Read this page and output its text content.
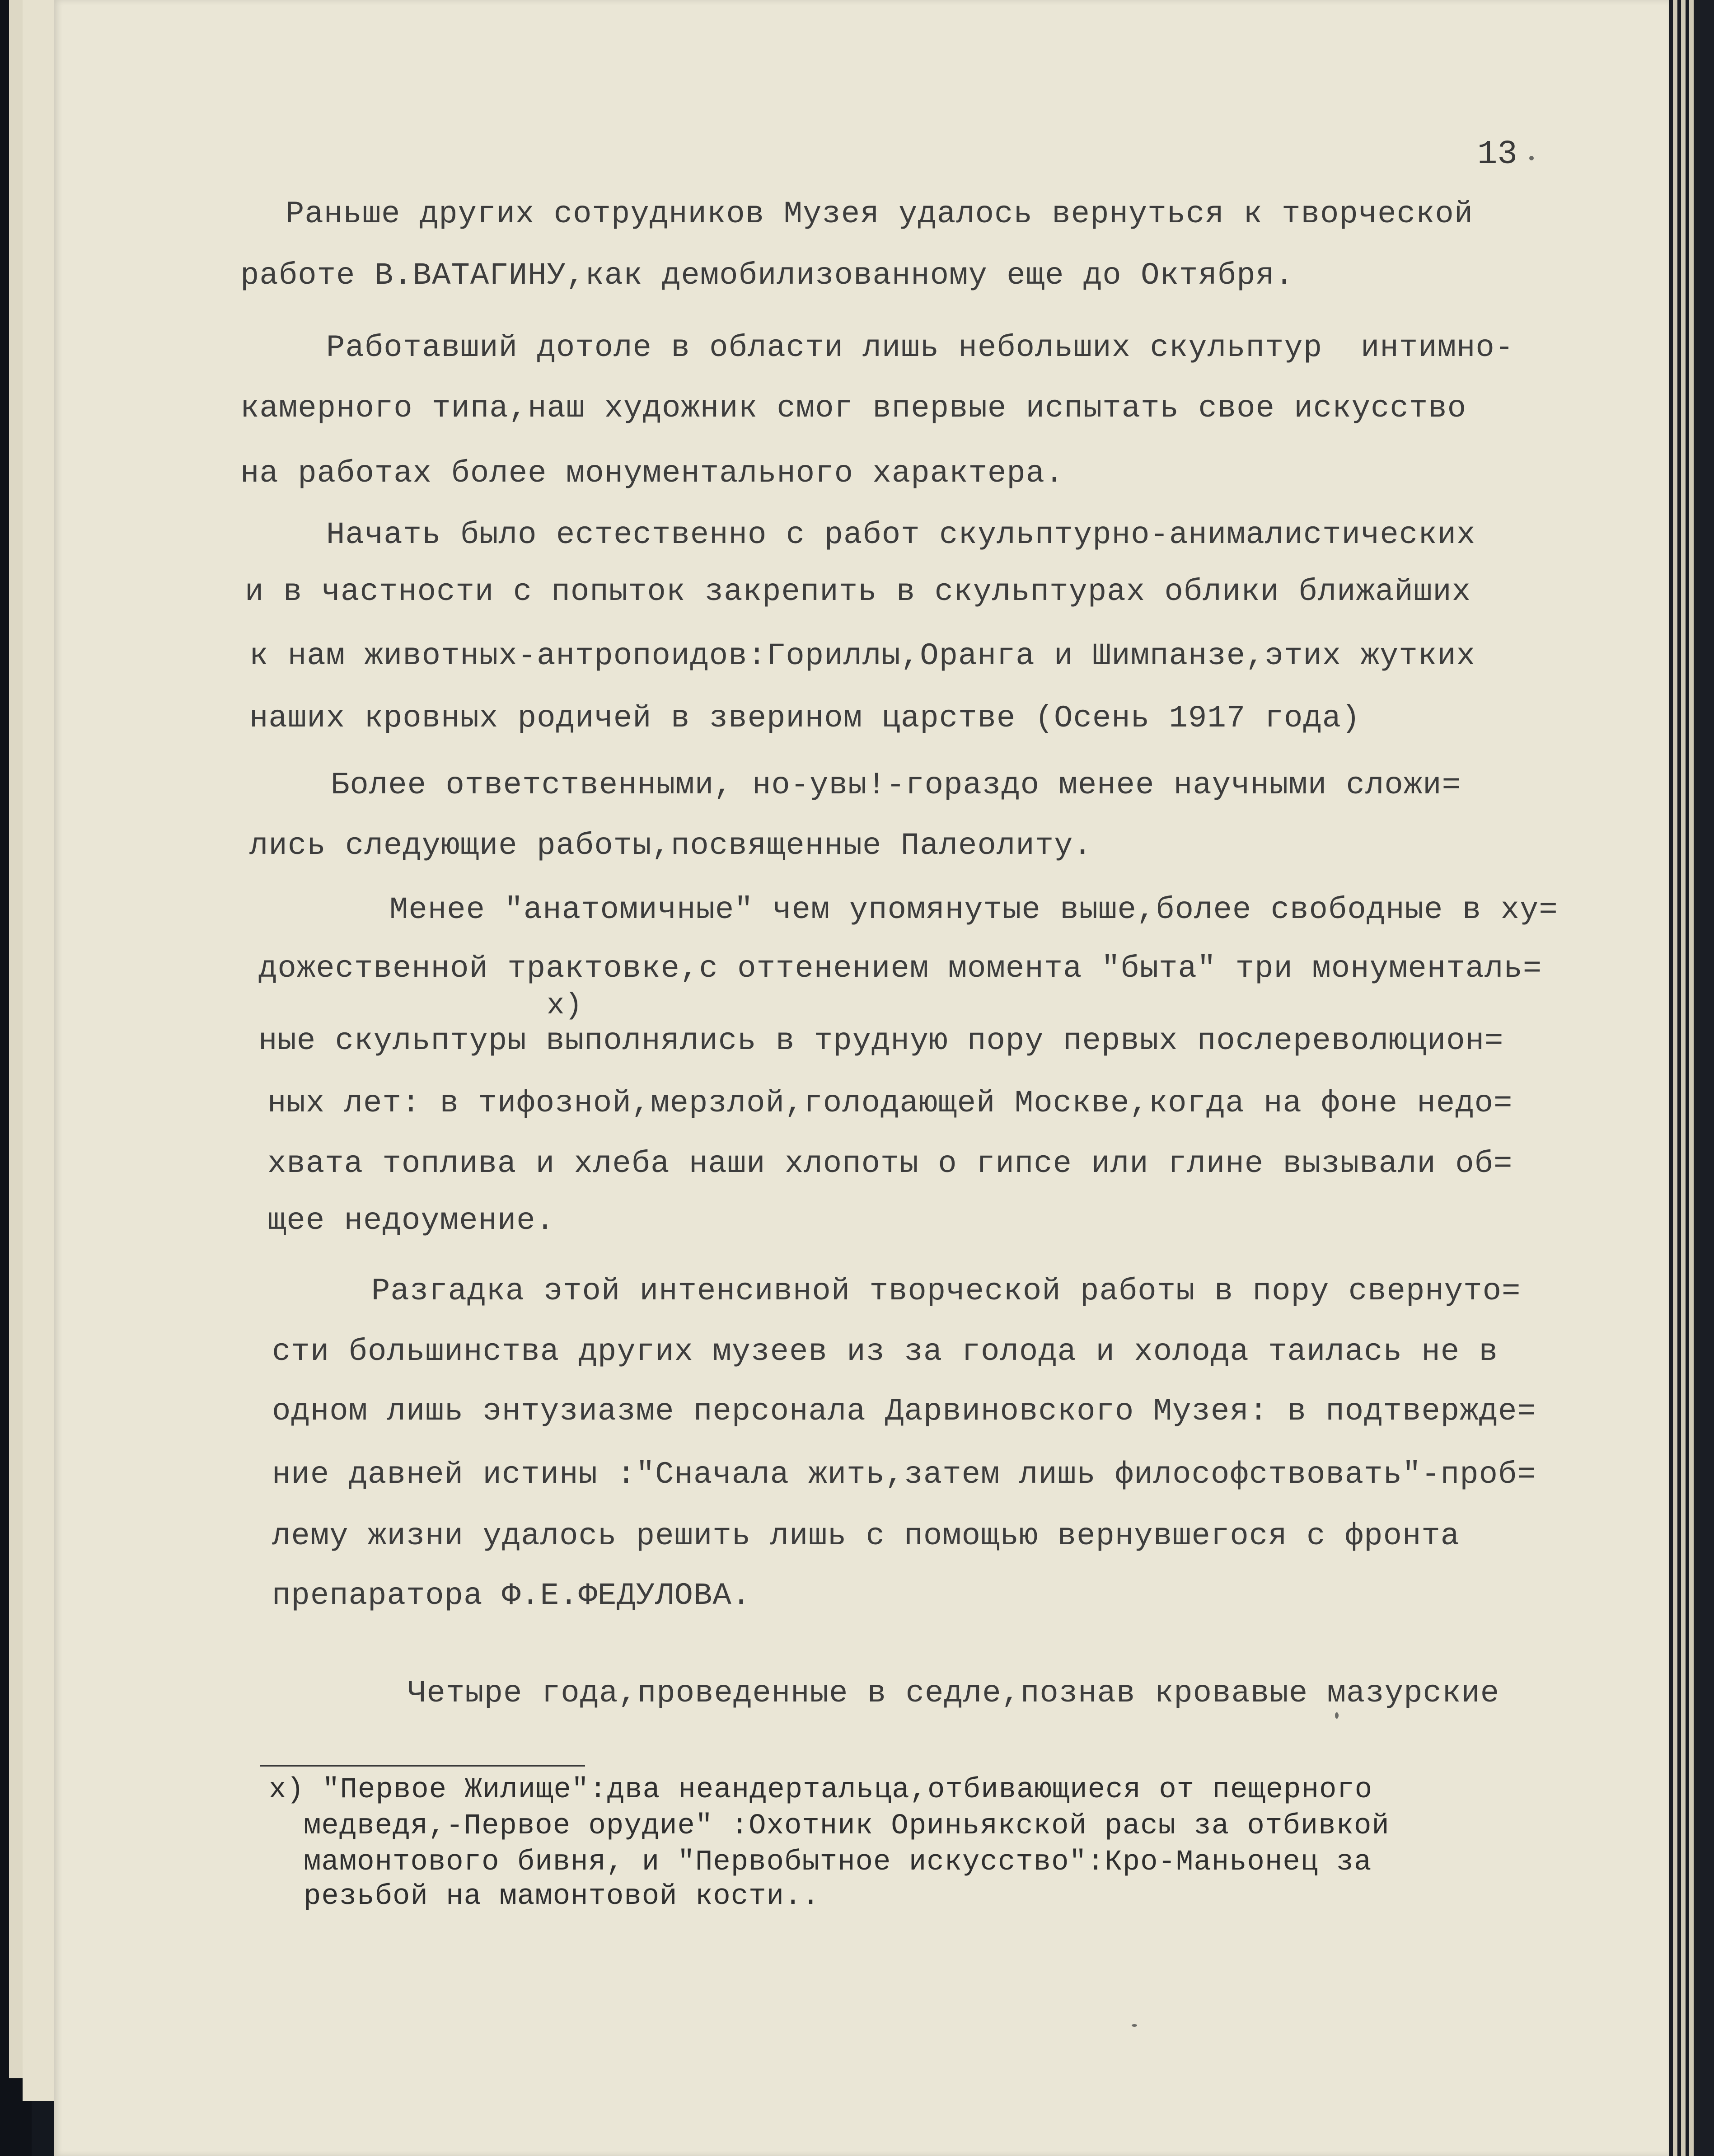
13
Раньше других сотрудников Музея удалось вернуться к творческой
работе В.ВАТАГИНУ,как демобилизованному еще до Октября.
Работавший дотоле в области лишь небольших скульптур  интимно-
камерного типа,наш художник смог впервые испытать свое искусство
на работах более монументального характера.
Начать было естественно с работ скульптурно-анималистических
и в частности с попыток закрепить в скульптурах облики ближайших
к нам животных-антропоидов:Гориллы,Оранга и Шимпанзе,этих жутких
наших кровных родичей в зверином царстве (Осень 1917 года)
Более ответственными, но-увы!-гораздо менее научными сложи=
лись следующие работы,посвященные Палеолиту.
Менее "анатомичные" чем упомянутые выше,более свободные в ху=
дожественной трактовке,с оттенением момента "быта" три монументаль=
x)
ные скульптуры выполнялись в трудную пору первых послереволюцион=
ных лет: в тифозной,мерзлой,голодающей Москве,когда на фоне недо=
хвата топлива и хлеба наши хлопоты о гипсе или глине вызывали об=
щее недоумение.
Разгадка этой интенсивной творческой работы в пору свернуто=
сти большинства других музеев из за голода и холода таилась не в
одном лишь энтузиазме персонала Дарвиновского Музея: в подтвержде=
ние давней истины :"Сначала жить,затем лишь философствовать"-проб=
лему жизни удалось решить лишь с помощью вернувшегося с фронта
препаратора Ф.Е.ФЕДУЛОВА.
Четыре года,проведенные в седле,познав кровавые мазурские
x) "Первое Жилище":два неандертальца,отбивающиеся от пещерного
медведя,-Первое орудие" :Охотник Ориньякской расы за отбивкой
мамонтового бивня, и "Первобытное искусство":Кро-Маньонец за
резьбой на мамонтовой кости..
